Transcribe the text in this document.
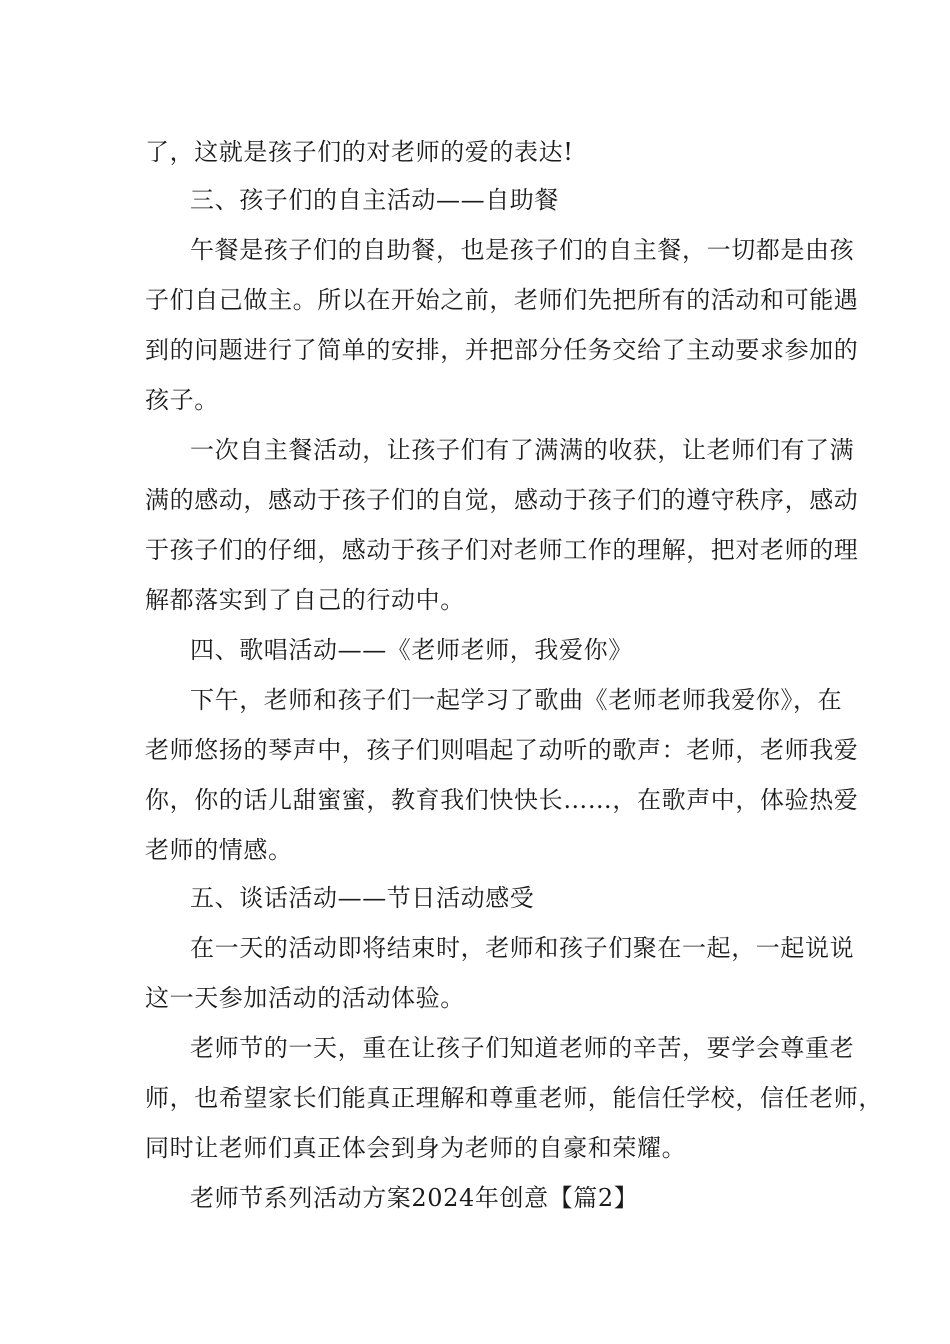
了，这就是孩子们的对老师的爱的表达!
三、孩子们的自主活动——自助餐
午餐是孩子们的自助餐，也是孩子们的自主餐，一切都是由孩
子们自己做主。所以在开始之前，老师们先把所有的活动和可能遇
到的问题进行了简单的安排，并把部分任务交给了主动要求参加的
孩子。
一次自主餐活动，让孩子们有了满满的收获，让老师们有了满
满的感动，感动于孩子们的自觉，感动于孩子们的遵守秩序，感动
于孩子们的仔细，感动于孩子们对老师工作的理解，把对老师的理
解都落实到了自己的行动中。
四、歌唱活动——《老师老师，我爱你》
下午，老师和孩子们一起学习了歌曲《老师老师我爱你》，在
老师悠扬的琴声中，孩子们则唱起了动听的歌声：老师，老师我爱
你，你的话儿甜蜜蜜，教育我们快快长……，在歌声中，体验热爱
老师的情感。
五、谈话活动——节日活动感受
在一天的活动即将结束时，老师和孩子们聚在一起，一起说说
这一天参加活动的活动体验。
老师节的一天，重在让孩子们知道老师的辛苦，要学会尊重老
师，也希望家长们能真正理解和尊重老师，能信任学校，信任老师，
同时让老师们真正体会到身为老师的自豪和荣耀。
老师节系列活动方案2024年创意【篇2】
